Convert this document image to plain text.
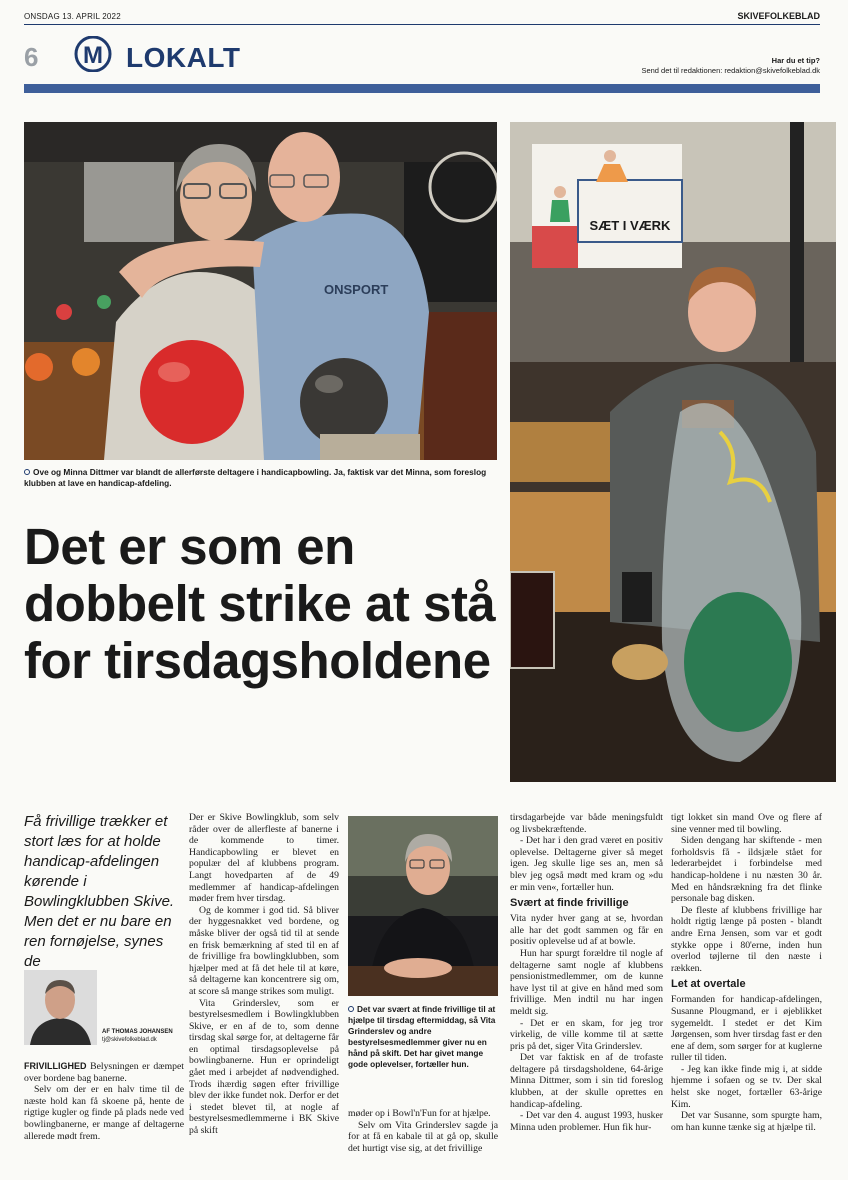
ONSDAG 13. APRIL 2022	SKIVEFOLKEBLAD
6 M LOKALT	Har du et tip?
Send det til redaktionen: redaktion@skivefolkeblad.dk
ONSPORT
Ove og Minna Dittmer var blandt de allerførste deltagere i handicapbowling. Ja, faktisk var det Minna, som foreslog klubben at lave en handicap-afdeling.
SÆT I VÆRK
Det er som en dobbelt strike at stå for tirsdagsholdene
Få frivillige trækker et stort læs for at holde handicap-afdelingen kørende i Bowlingklubben Skive. Men det er nu bare en ren fornøjelse, synes de
AF THOMAS JOHANSEN
tj@skivefolkeblad.dk
Det var svært at finde frivillige til at hjælpe til tirsdag eftermiddag, så Vita Grinderslev og andre bestyrelsesmedlemmer giver nu en hånd på skift. Det har givet mange gode oplevelser, fortæller hun.

FRIVILLIGHED Belysningen er dæmpet over bordene bag banerne.

Selv om der er en halv time til de næste hold kan få skoene på, hente de rigtige kugler og finde på plads nede ved bowlingbanerne, er mange af deltagerne allerede mødt frem.

Der er Skive Bowlingklub, som selv råder over de allerfleste af banerne i de kommende to timer. Handicapbowling er blevet en populær del af klubbens program. Langt hovedparten af de 49 medlemmer af handicap-afdelingen møder frem hver tirsdag.

Og de kommer i god tid. Så bliver der hyggesnakket ved bordene, og måske bliver der også tid til at sende en frisk bemærkning af sted til en af de frivillige fra bowlingklubben, som hjælper med at få det hele til at køre, så deltagerne kan koncentrere sig om, at score så mange strikes som muligt.

Vita Grinderslev, som er bestyrelsesmedlem i Bowlingklubben Skive, er en af de to, som denne tirsdag skal sørge for, at deltagerne får en optimal tirsdagsoplevelse på bowlingbanerne. Hun er oprindeligt gået med i arbejdet af nødvendighed. Trods ihærdig søgen efter frivillige blev der ikke fundet nok. Derfor er det i stedet blevet til, at nogle af bestyrelsesmedlemmerne i BK Skive på skift

møder op i Bowl'n'Fun for at hjælpe.

Selv om Vita Grinderslev sagde ja for at få en kabale til at gå op, skulle det hurtigt vise sig, at det frivillige

tirsdagarbejde var både meningsfuldt og livsbekræftende.

- Det har i den grad været en positiv oplevelse. Deltagerne giver så meget igen. Jeg skulle lige ses an, men så blev jeg også mødt med kram og »du er min ven«, fortæller hun.

Svært at finde frivillige

Vita nyder hver gang at se, hvordan alle har det godt sammen og får en positiv oplevelse ud af at bowle.

Hun har spurgt forældre til nogle af deltagerne samt nogle af klubbens pensionistmedlemmer, om de kunne have lyst til at give en hånd med som frivillige. Men indtil nu har ingen meldt sig.

- Det er en skam, for jeg tror virkelig, de ville komme til at sætte pris på det, siger Vita Grinderslev.

Det var faktisk en af de trofaste deltagere på tirsdagsholdene, 64-årige Minna Dittmer, som i sin tid foreslog klubben, at der skulle oprettes en handicap-afdeling.

- Det var den 4. august 1993, husker Minna uden problemer. Hun fik hur-

tigt lokket sin mand Ove og flere af sine venner med til bowling.

Siden dengang har skiftende - men forholdsvis få - ildsjæle stået for lederarbejdet i forbindelse med handicap-holdene i nu næsten 30 år. Med en håndsrækning fra det flinke personale bag disken.

De fleste af klubbens frivillige har holdt rigtig længe på posten - blandt andre Erna Jensen, som var et godt stykke oppe i 80'erne, inden hun overlod tøjlerne til den næste i rækken.

Let at overtale

Formanden for handicap-afdelingen, Susanne Plougmand, er i øjeblikket sygemeldt. I stedet er det Kim Jørgensen, som hver tirsdag fast er den ene af dem, som sørger for at kuglerne ruller til tiden.

- Jeg kan ikke finde mig i, at sidde hjemme i sofaen og se tv. Der skal helst ske noget, fortæller 63-årige Kim.

Det var Susanne, som spurgte ham, om han kunne tænke sig at hjælpe til.
